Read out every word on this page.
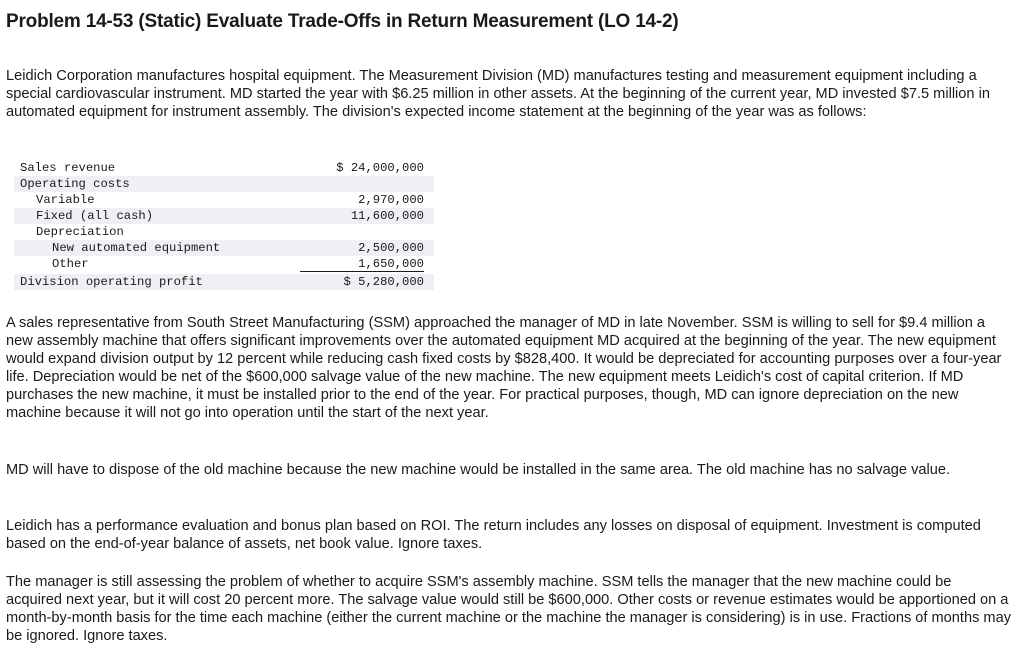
Problem 14-53 (Static) Evaluate Trade-Offs in Return Measurement (LO 14-2)
Leidich Corporation manufactures hospital equipment. The Measurement Division (MD) manufactures testing and measurement equipment including a special cardiovascular instrument. MD started the year with $6.25 million in other assets. At the beginning of the current year, MD invested $7.5 million in automated equipment for instrument assembly. The division's expected income statement at the beginning of the year was as follows:
Sales revenue	$ 24,000,000
Operating costs
Variable	2,970,000
Fixed (all cash)	11,600,000
Depreciation
New automated equipment	2,500,000
Other	1,650,000
Division operating profit	$ 5,280,000
A sales representative from South Street Manufacturing (SSM) approached the manager of MD in late November. SSM is willing to sell for $9.4 million a new assembly machine that offers significant improvements over the automated equipment MD acquired at the beginning of the year. The new equipment would expand division output by 12 percent while reducing cash fixed costs by $828,400. It would be depreciated for accounting purposes over a four-year life. Depreciation would be net of the $600,000 salvage value of the new machine. The new equipment meets Leidich's cost of capital criterion. If MD purchases the new machine, it must be installed prior to the end of the year. For practical purposes, though, MD can ignore depreciation on the new machine because it will not go into operation until the start of the next year.
MD will have to dispose of the old machine because the new machine would be installed in the same area. The old machine has no salvage value.
Leidich has a performance evaluation and bonus plan based on ROI. The return includes any losses on disposal of equipment. Investment is computed based on the end-of-year balance of assets, net book value. Ignore taxes.
The manager is still assessing the problem of whether to acquire SSM's assembly machine. SSM tells the manager that the new machine could be acquired next year, but it will cost 20 percent more. The salvage value would still be $600,000. Other costs or revenue estimates would be apportioned on a month-by-month basis for the time each machine (either the current machine or the machine the manager is considering) is in use. Fractions of months may be ignored. Ignore taxes.
